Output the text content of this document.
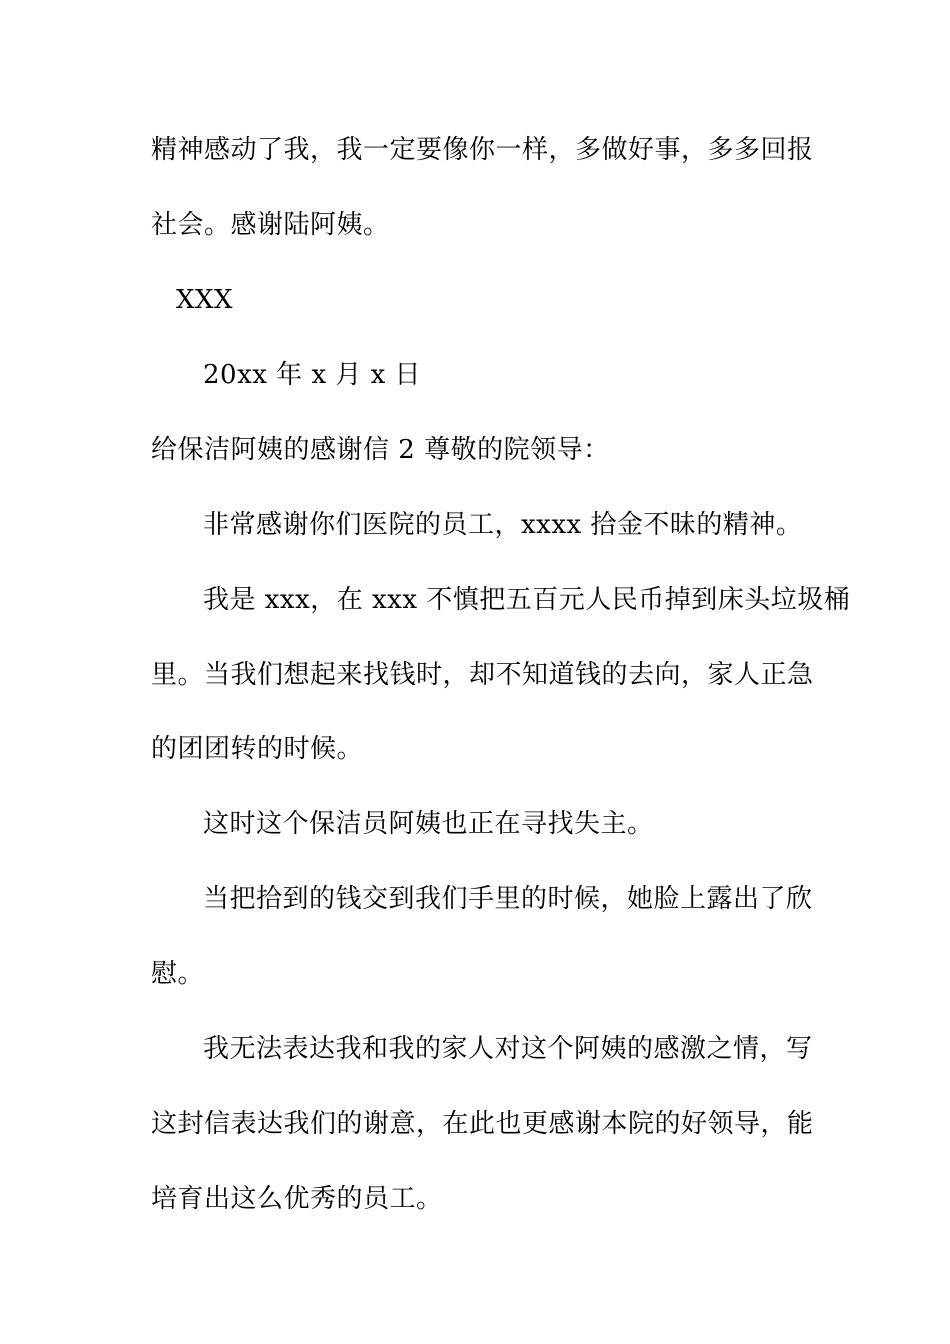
精神感动了我，我一定要像你一样，多做好事，多多回报
社会。感谢陆阿姨。
XXX
20xx 年 x 月 x 日
给保洁阿姨的感谢信 2 尊敬的院领导：
非常感谢你们医院的员工，xxxx 拾金不昧的精神。
我是 xxx，在 xxx 不慎把五百元人民币掉到床头垃圾桶
里。当我们想起来找钱时，却不知道钱的去向，家人正急
的团团转的时候。
这时这个保洁员阿姨也正在寻找失主。
当把拾到的钱交到我们手里的时候，她脸上露出了欣
慰。
我无法表达我和我的家人对这个阿姨的感激之情，写
这封信表达我们的谢意，在此也更感谢本院的好领导，能
培育出这么优秀的员工。
